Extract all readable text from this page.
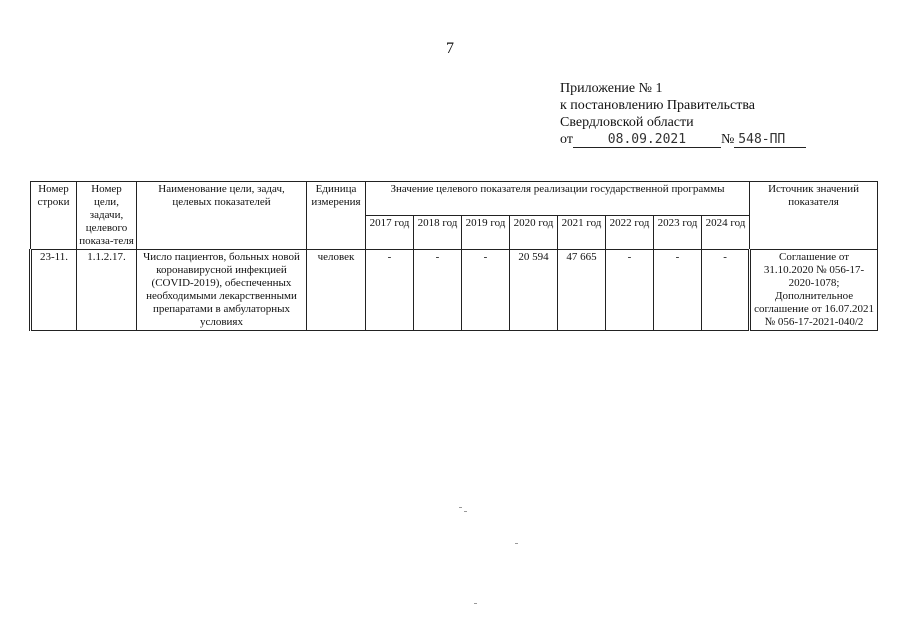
7
Приложение № 1
к постановлению Правительства
Свердловской области
от	08.09.2021	№ 548-ПП
Номер строки	Номер цели, задачи, целевого показа-теля	Наименование цели, задач, целевых показателей	Единица измерения	Значение целевого показателя реализации государственной программы								Источник значений показателя
				2017 год	2018 год	2019 год	2020 год	2021 год	2022 год	2023 год	2024 год	
23-11.	1.1.2.17.	Число пациентов, больных новой коронавирусной инфекцией (COVID-2019), обеспеченных необходимыми лекарственными препаратами в амбулаторных условиях	человек	-	-	-	20 594	47 665	-	-	-	Соглашение от 31.10.2020 № 056-17-2020-1078; Дополнительное соглашение от 16.07.2021 № 056-17-2021-040/2
